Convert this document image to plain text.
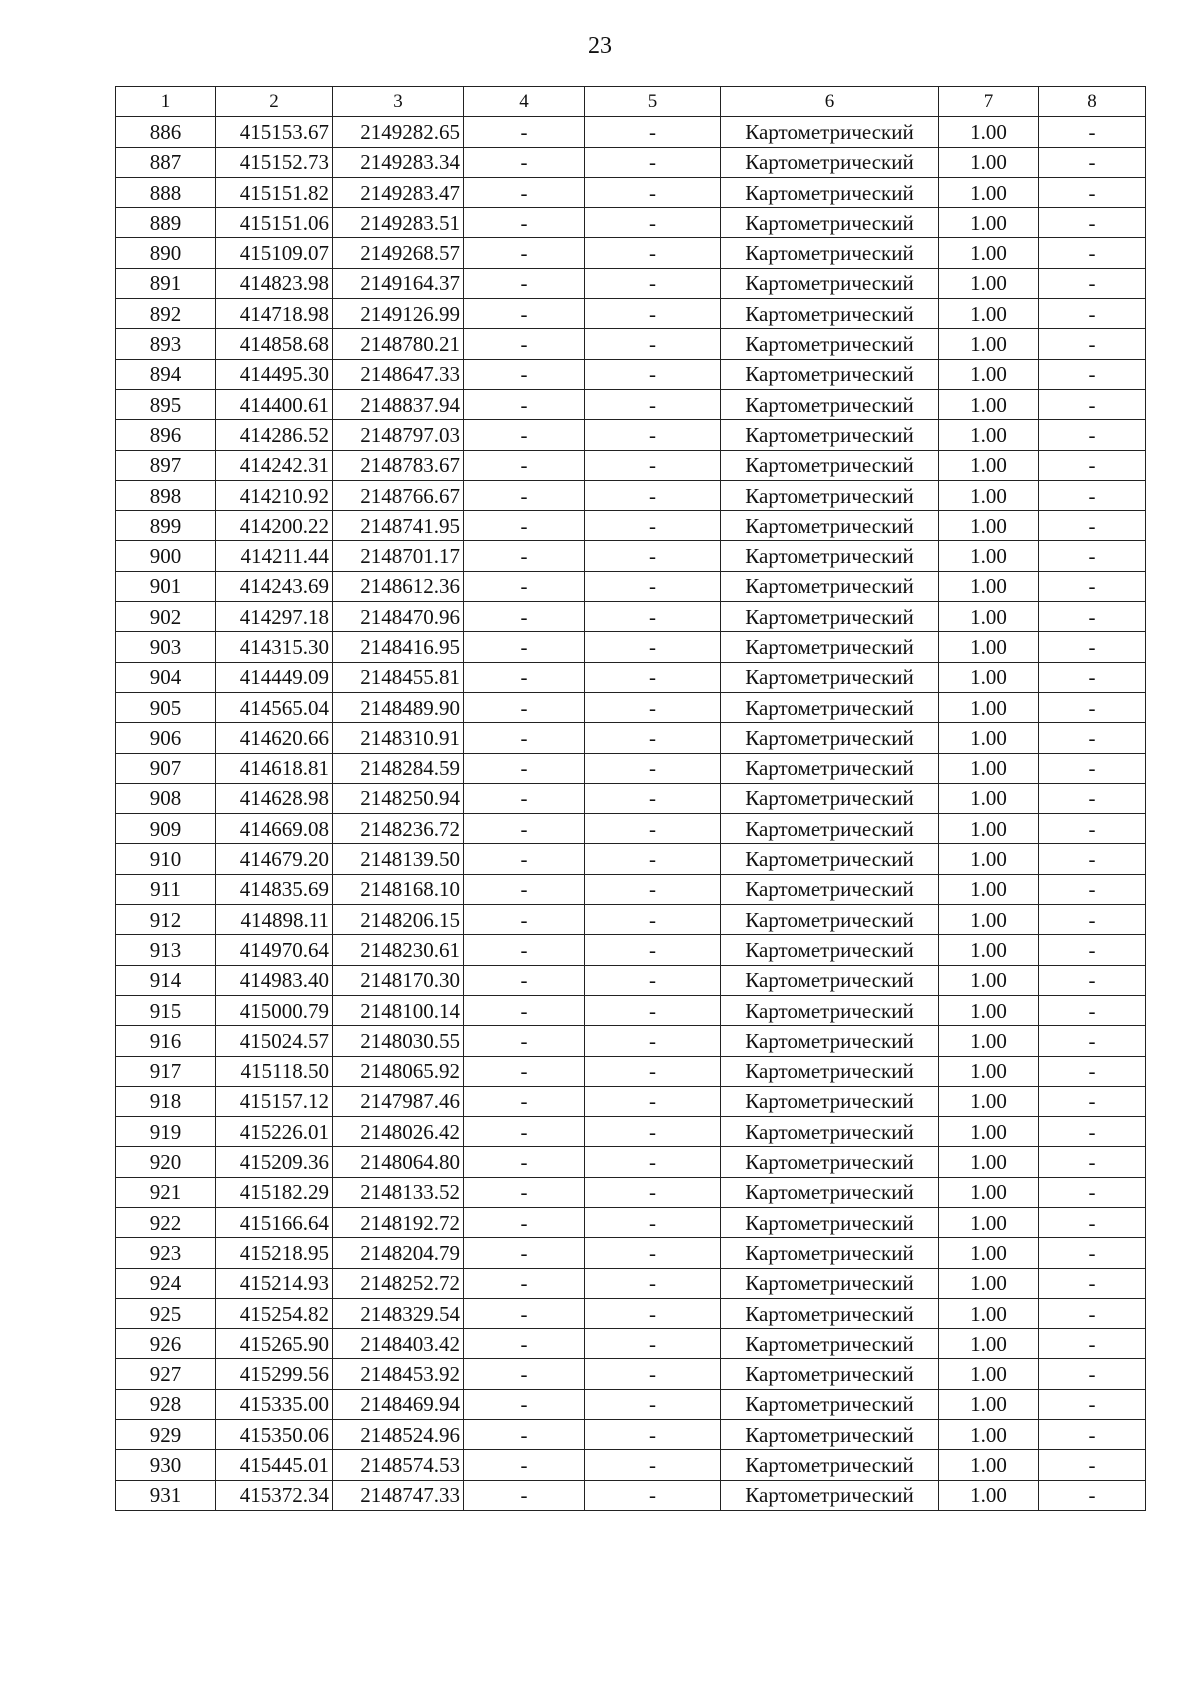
23
1	2	3	4	5	6	7	8
886	415153.67	2149282.65	-	-	Картометрический	1.00	-
887	415152.73	2149283.34	-	-	Картометрический	1.00	-
888	415151.82	2149283.47	-	-	Картометрический	1.00	-
889	415151.06	2149283.51	-	-	Картометрический	1.00	-
890	415109.07	2149268.57	-	-	Картометрический	1.00	-
891	414823.98	2149164.37	-	-	Картометрический	1.00	-
892	414718.98	2149126.99	-	-	Картометрический	1.00	-
893	414858.68	2148780.21	-	-	Картометрический	1.00	-
894	414495.30	2148647.33	-	-	Картометрический	1.00	-
895	414400.61	2148837.94	-	-	Картометрический	1.00	-
896	414286.52	2148797.03	-	-	Картометрический	1.00	-
897	414242.31	2148783.67	-	-	Картометрический	1.00	-
898	414210.92	2148766.67	-	-	Картометрический	1.00	-
899	414200.22	2148741.95	-	-	Картометрический	1.00	-
900	414211.44	2148701.17	-	-	Картометрический	1.00	-
901	414243.69	2148612.36	-	-	Картометрический	1.00	-
902	414297.18	2148470.96	-	-	Картометрический	1.00	-
903	414315.30	2148416.95	-	-	Картометрический	1.00	-
904	414449.09	2148455.81	-	-	Картометрический	1.00	-
905	414565.04	2148489.90	-	-	Картометрический	1.00	-
906	414620.66	2148310.91	-	-	Картометрический	1.00	-
907	414618.81	2148284.59	-	-	Картометрический	1.00	-
908	414628.98	2148250.94	-	-	Картометрический	1.00	-
909	414669.08	2148236.72	-	-	Картометрический	1.00	-
910	414679.20	2148139.50	-	-	Картометрический	1.00	-
911	414835.69	2148168.10	-	-	Картометрический	1.00	-
912	414898.11	2148206.15	-	-	Картометрический	1.00	-
913	414970.64	2148230.61	-	-	Картометрический	1.00	-
914	414983.40	2148170.30	-	-	Картометрический	1.00	-
915	415000.79	2148100.14	-	-	Картометрический	1.00	-
916	415024.57	2148030.55	-	-	Картометрический	1.00	-
917	415118.50	2148065.92	-	-	Картометрический	1.00	-
918	415157.12	2147987.46	-	-	Картометрический	1.00	-
919	415226.01	2148026.42	-	-	Картометрический	1.00	-
920	415209.36	2148064.80	-	-	Картометрический	1.00	-
921	415182.29	2148133.52	-	-	Картометрический	1.00	-
922	415166.64	2148192.72	-	-	Картометрический	1.00	-
923	415218.95	2148204.79	-	-	Картометрический	1.00	-
924	415214.93	2148252.72	-	-	Картометрический	1.00	-
925	415254.82	2148329.54	-	-	Картометрический	1.00	-
926	415265.90	2148403.42	-	-	Картометрический	1.00	-
927	415299.56	2148453.92	-	-	Картометрический	1.00	-
928	415335.00	2148469.94	-	-	Картометрический	1.00	-
929	415350.06	2148524.96	-	-	Картометрический	1.00	-
930	415445.01	2148574.53	-	-	Картометрический	1.00	-
931	415372.34	2148747.33	-	-	Картометрический	1.00	-
